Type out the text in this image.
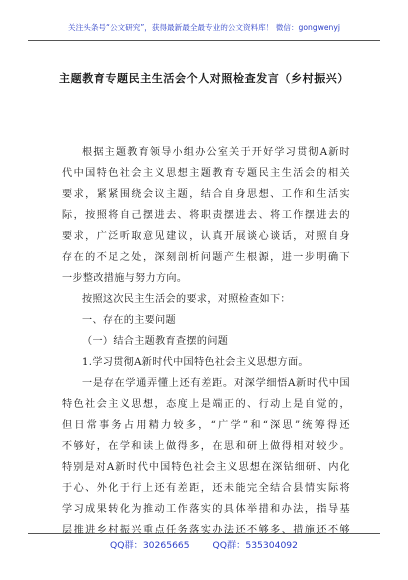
关注头条号“公文研究”，获得最新最全最专业的公文资料库！ 微信：gongwenyj
主题教育专题民主生活会个人对照检查发言（乡村振兴）
根据主题教育领导小组办公室关于开好学习贯彻A新时
代中国特色社会主义思想主题教育专题民主生活会的相关
要求，紧紧围绕会议主题，结合自身思想、工作和生活实
际，按照将自己摆进去、将职责摆进去、将工作摆进去的
要求，广泛听取意见建议，认真开展谈心谈话，对照自身
存在的不足之处，深刻剖析问题产生根源，进一步明确下
一步整改措施与努力方向。
按照这次民主生活会的要求，对照检查如下：
一、存在的主要问题
（一）结合主题教育查摆的问题
1.学习贯彻A新时代中国特色社会主义思想方面。
一是存在学通弄懂上还有差距。对深学细悟A新时代中国
特色社会主义思想，态度上是端正的、行动上是自觉的，
但日常事务占用精力较多，“广学”和“深思”统筹得还
不够好，在学和读上做得多，在思和研上做得相对较少。
特别是对A新时代中国特色社会主义思想在深钻细研、内化
于心、外化于行上还有差距，还未能完全结合县情实际将
学习成果转化为推动工作落实的具体举措和办法，指导基
层推进乡村振兴重点任务落实办法还不够多、措施还不够
QQ群：30265665 QQ群：535304092
